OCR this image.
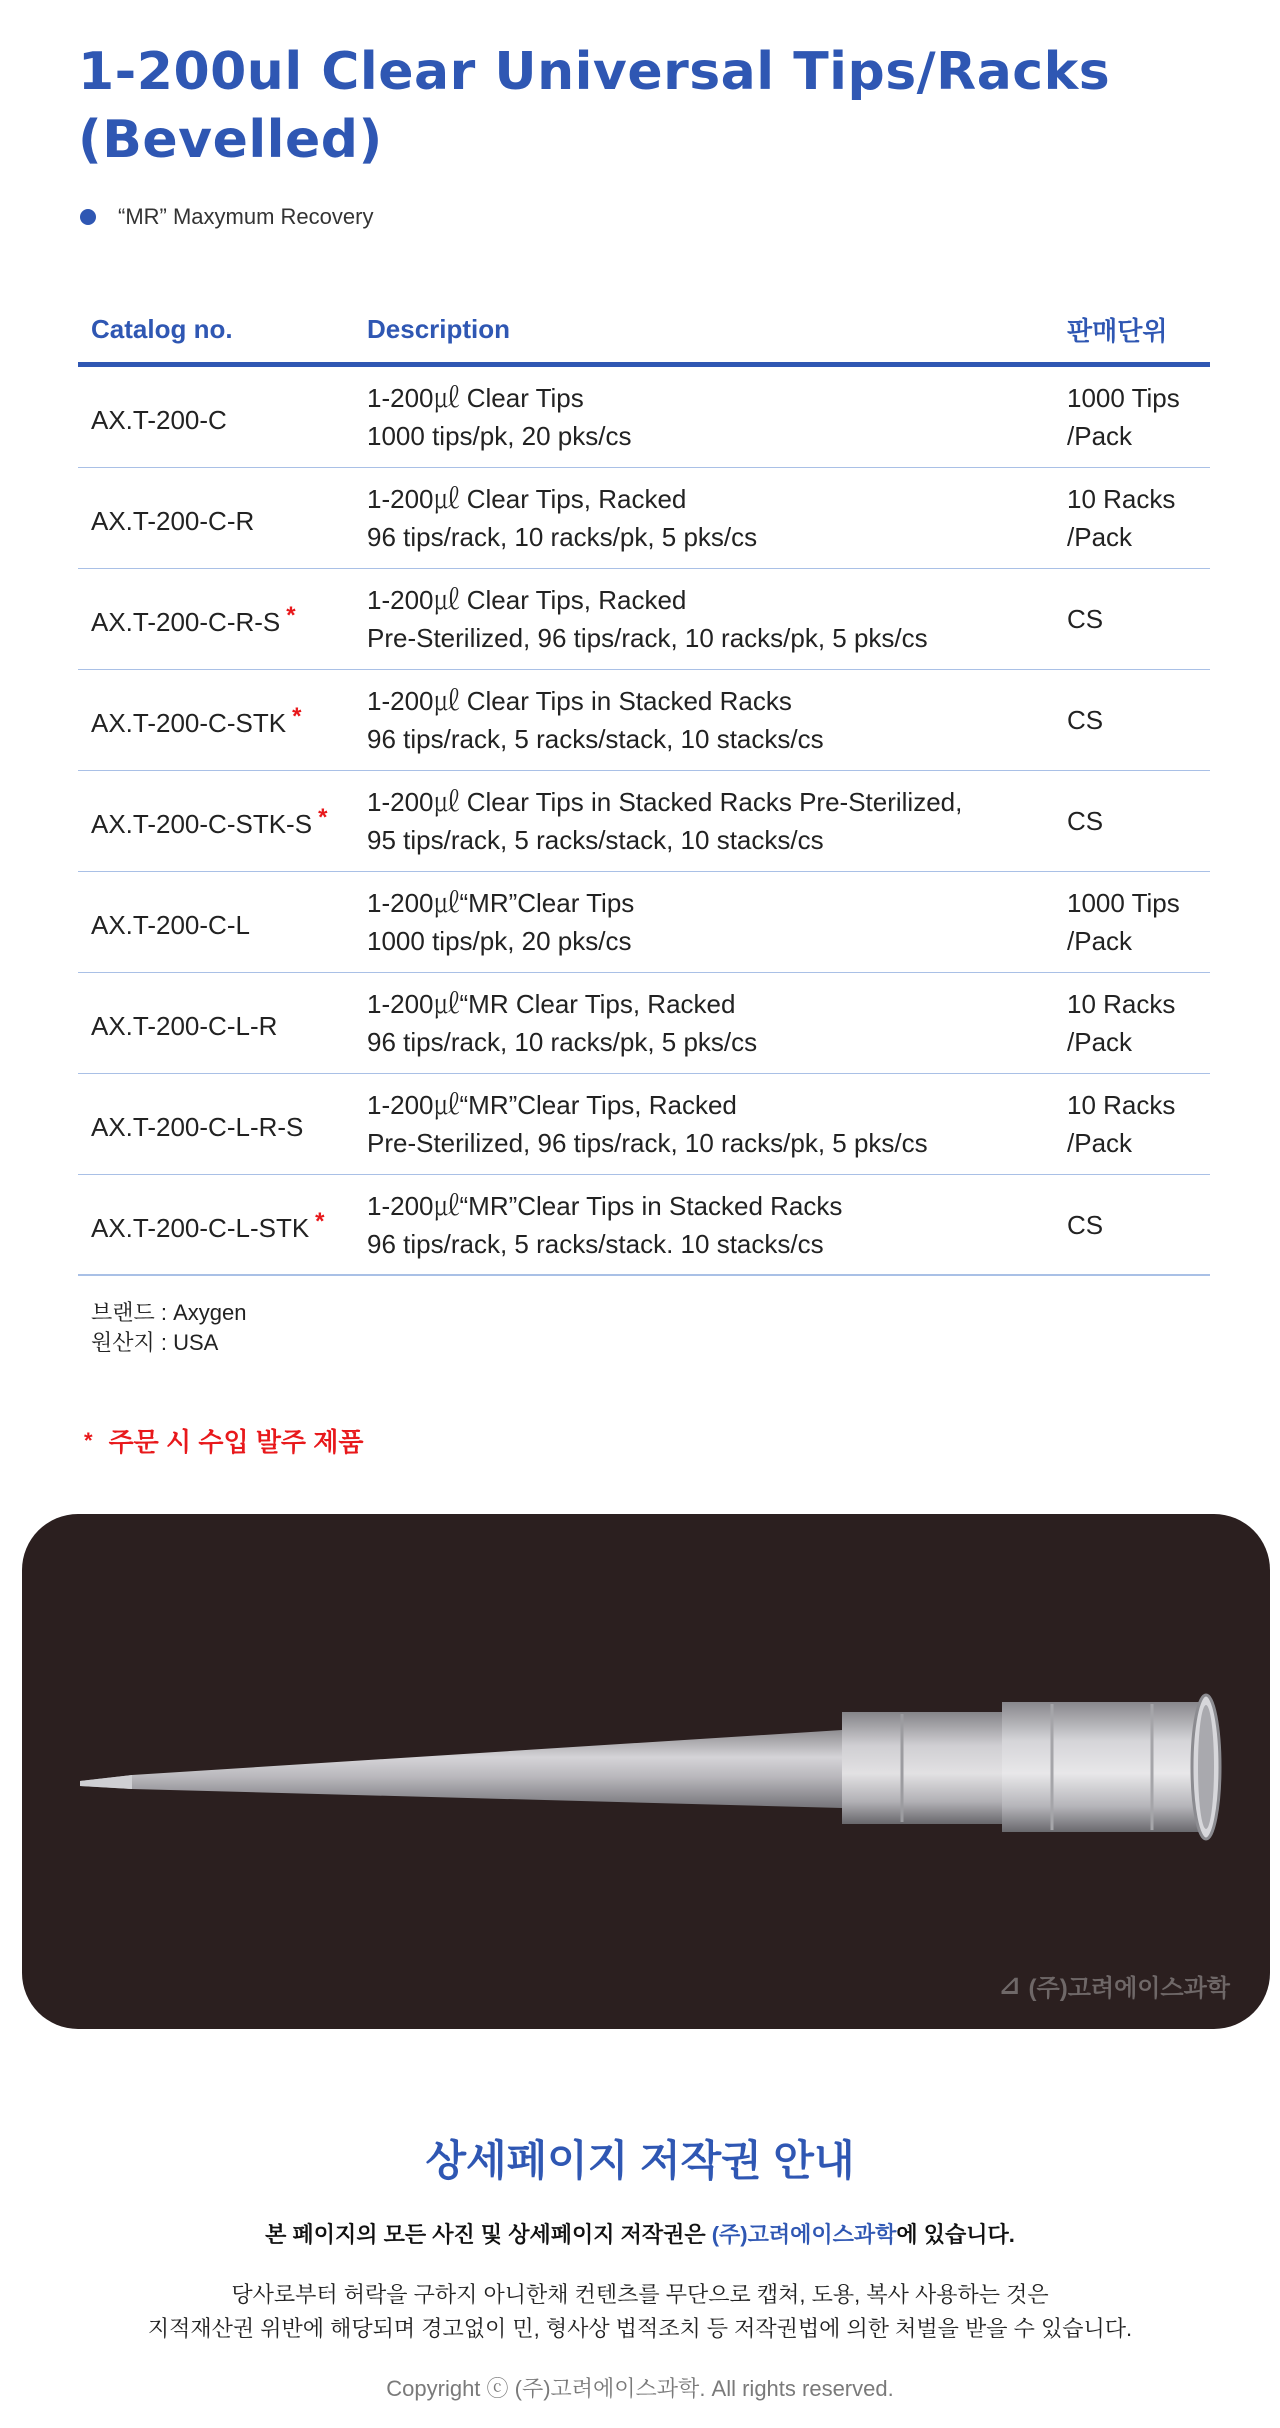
1-200ul Clear Universal Tips/Racks
(Bevelled)
“MR” Maxymum Recovery
Catalog no.	Description	판매단위
AX.T-200-C
1-200㎕ Clear Tips
1000 tips/pk, 20 pks/cs
1000 Tips
/Pack
AX.T-200-C-R
1-200㎕ Clear Tips, Racked
96 tips/rack, 10 racks/pk, 5 pks/cs
10 Racks
/Pack
AX.T-200-C-R-S *
1-200㎕ Clear Tips, Racked
Pre-Sterilized, 96 tips/rack, 10 racks/pk, 5 pks/cs
CS
AX.T-200-C-STK *
1-200㎕ Clear Tips in Stacked Racks
96 tips/rack, 5 racks/stack, 10 stacks/cs
CS
AX.T-200-C-STK-S *
1-200㎕ Clear Tips in Stacked Racks Pre-Sterilized,
95 tips/rack, 5 racks/stack, 10 stacks/cs
CS
AX.T-200-C-L
1-200㎕“MR”Clear Tips
1000 tips/pk, 20 pks/cs
1000 Tips
/Pack
AX.T-200-C-L-R
1-200㎕“MR Clear Tips, Racked
96 tips/rack, 10 racks/pk, 5 pks/cs
10 Racks
/Pack
AX.T-200-C-L-R-S
1-200㎕“MR”Clear Tips, Racked
Pre-Sterilized, 96 tips/rack, 10 racks/pk, 5 pks/cs
10 Racks
/Pack
AX.T-200-C-L-STK *
1-200㎕“MR”Clear Tips in Stacked Racks
96 tips/rack, 5 racks/stack. 10 stacks/cs
CS
브랜드 : Axygen
원산지 : USA
* 주문 시 수입 발주 제품
⊿ (주)고려에이스과학
상세페이지 저작권 안내
본 페이지의 모든 사진 및 상세페이지 저작권은 (주)고려에이스과학에 있습니다.
당사로부터 허락을 구하지 아니한채 컨텐츠를 무단으로 캡쳐, 도용, 복사 사용하는 것은
지적재산권 위반에 해당되며 경고없이 민, 형사상 법적조치 등 저작권법에 의한 처벌을 받을 수 있습니다.
Copyright ⓒ (주)고려에이스과학. All rights reserved.
